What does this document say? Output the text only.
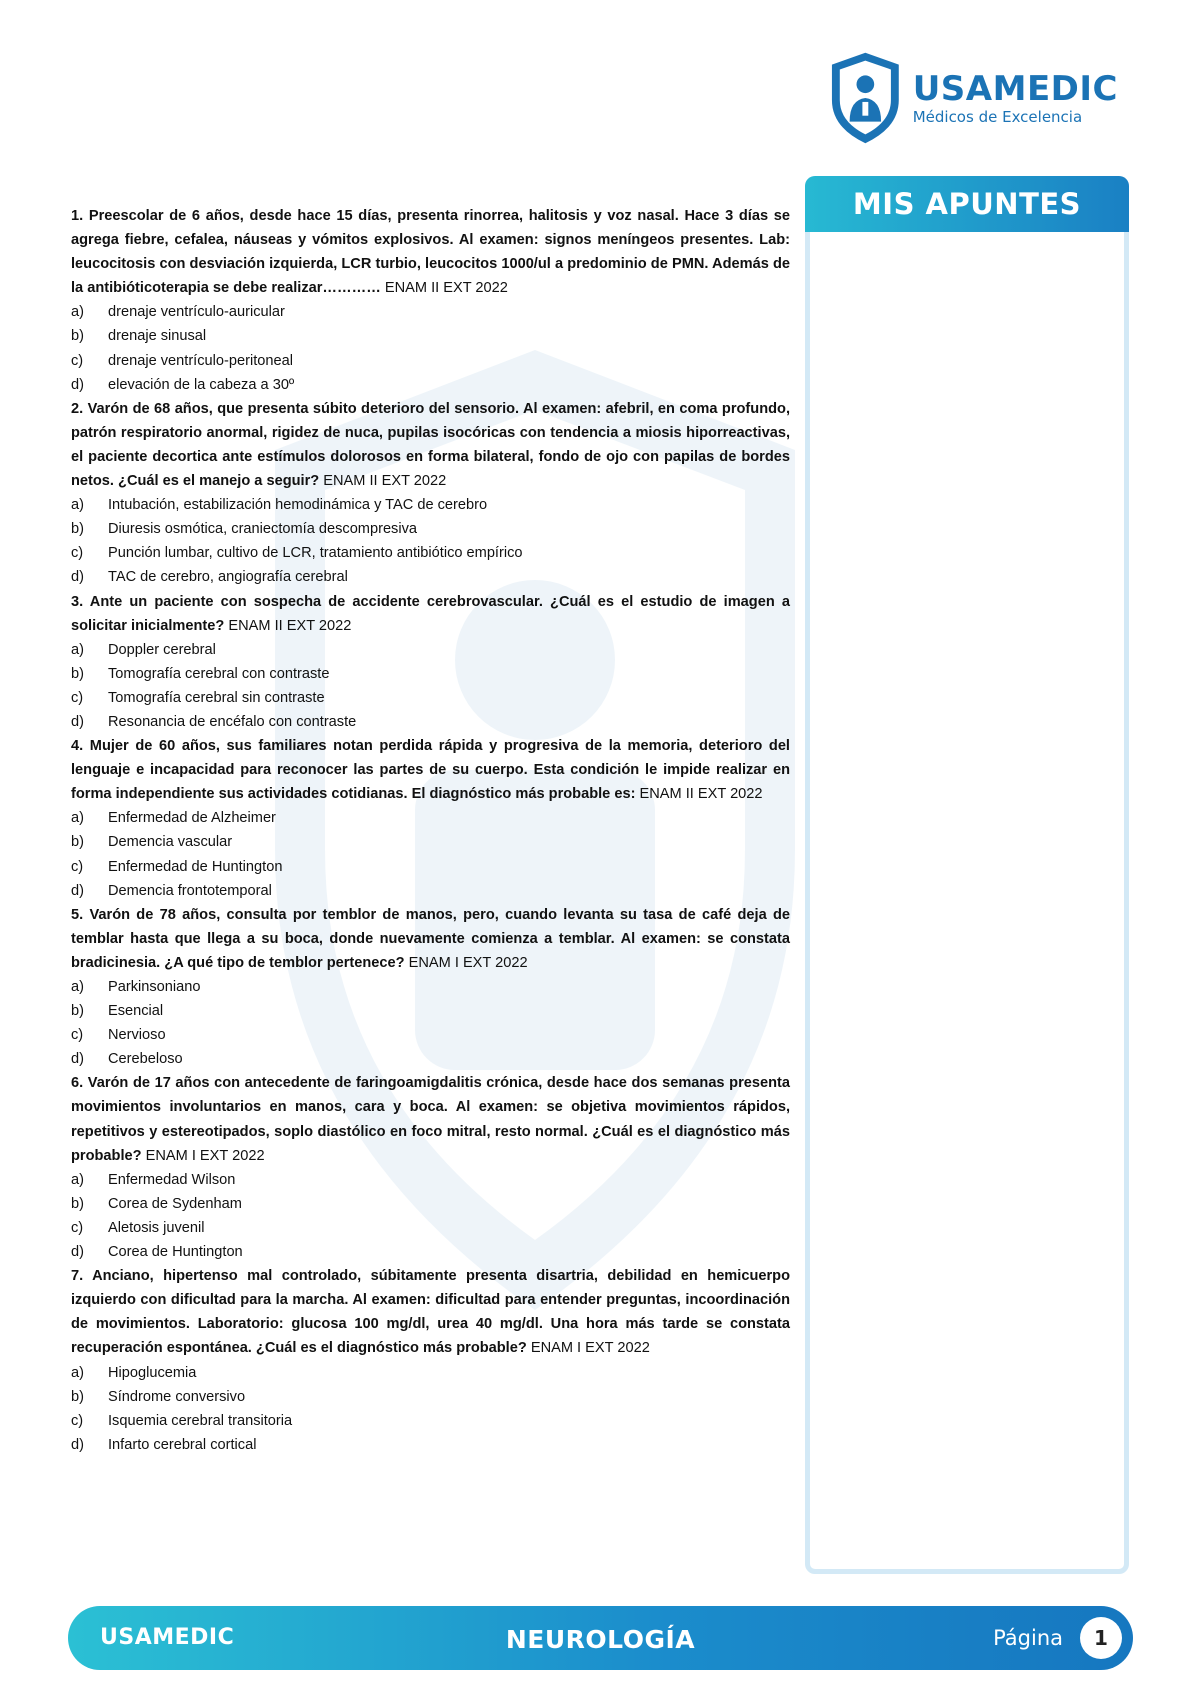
USAMEDIC
Médicos de Excelencia
MIS APUNTES

1. Preescolar de 6 años, desde hace 15 días, presenta rinorrea, halitosis y voz nasal. Hace 3 días se agrega fiebre, cefalea, náuseas y vómitos explosivos. Al examen: signos meníngeos presentes. Lab: leucocitosis con desviación izquierda, LCR turbio, leucocitos 1000/ul a predominio de PMN. Además de la antibióticoterapia se debe realizar………… ENAM II EXT 2022

a)	drenaje ventrículo-auricular
b)	drenaje sinusal
c)	drenaje ventrículo-peritoneal
d)	elevación de la cabeza a 30º

2. Varón de 68 años, que presenta súbito deterioro del sensorio. Al examen: afebril, en coma profundo, patrón respiratorio anormal, rigidez de nuca, pupilas isocóricas con tendencia a miosis hiporreactivas, el paciente decortica ante estímulos dolorosos en forma bilateral, fondo de ojo con papilas de bordes netos. ¿Cuál es el manejo a seguir? ENAM II EXT 2022

a)	Intubación, estabilización hemodinámica y TAC de cerebro
b)	Diuresis osmótica, craniectomía descompresiva
c)	Punción lumbar, cultivo de LCR, tratamiento antibiótico empírico
d)	TAC de cerebro, angiografía cerebral

3. Ante un paciente con sospecha de accidente cerebrovascular. ¿Cuál es el estudio de imagen a solicitar inicialmente? ENAM II EXT 2022

a)	Doppler cerebral
b)	Tomografía cerebral con contraste
c)	Tomografía cerebral sin contraste
d)	Resonancia de encéfalo con contraste

4. Mujer de 60 años, sus familiares notan perdida rápida y progresiva de la memoria, deterioro del lenguaje e incapacidad para reconocer las partes de su cuerpo. Esta condición le impide realizar en forma independiente sus actividades cotidianas. El diagnóstico más probable es: ENAM II EXT 2022

a)	Enfermedad de Alzheimer
b)	Demencia vascular
c)	Enfermedad de Huntington
d)	Demencia frontotemporal

5. Varón de 78 años, consulta por temblor de manos, pero, cuando levanta su tasa de café deja de temblar hasta que llega a su boca, donde nuevamente comienza a temblar. Al examen: se constata bradicinesia. ¿A qué tipo de temblor pertenece? ENAM I EXT 2022

a)	Parkinsoniano
b)	Esencial
c)	Nervioso
d)	Cerebeloso

6. Varón de 17 años con antecedente de faringoamigdalitis crónica, desde hace dos semanas presenta movimientos involuntarios en manos, cara y boca. Al examen: se objetiva movimientos rápidos, repetitivos y estereotipados, soplo diastólico en foco mitral, resto normal. ¿Cuál es el diagnóstico más probable? ENAM I EXT 2022

a)	Enfermedad Wilson
b)	Corea de Sydenham
c)	Aletosis juvenil
d)	Corea de Huntington

7. Anciano, hipertenso mal controlado, súbitamente presenta disartria, debilidad en hemicuerpo izquierdo con dificultad para la marcha. Al examen: dificultad para entender preguntas, incoordinación de movimientos. Laboratorio: glucosa 100 mg/dl, urea 40 mg/dl. Una hora más tarde se constata recuperación espontánea. ¿Cuál es el diagnóstico más probable? ENAM I EXT 2022

a)	Hipoglucemia
b)	Síndrome conversivo
c)	Isquemia cerebral transitoria
d)	Infarto cerebral cortical
USAMEDIC	NEUROLOGÍA	Página	1
